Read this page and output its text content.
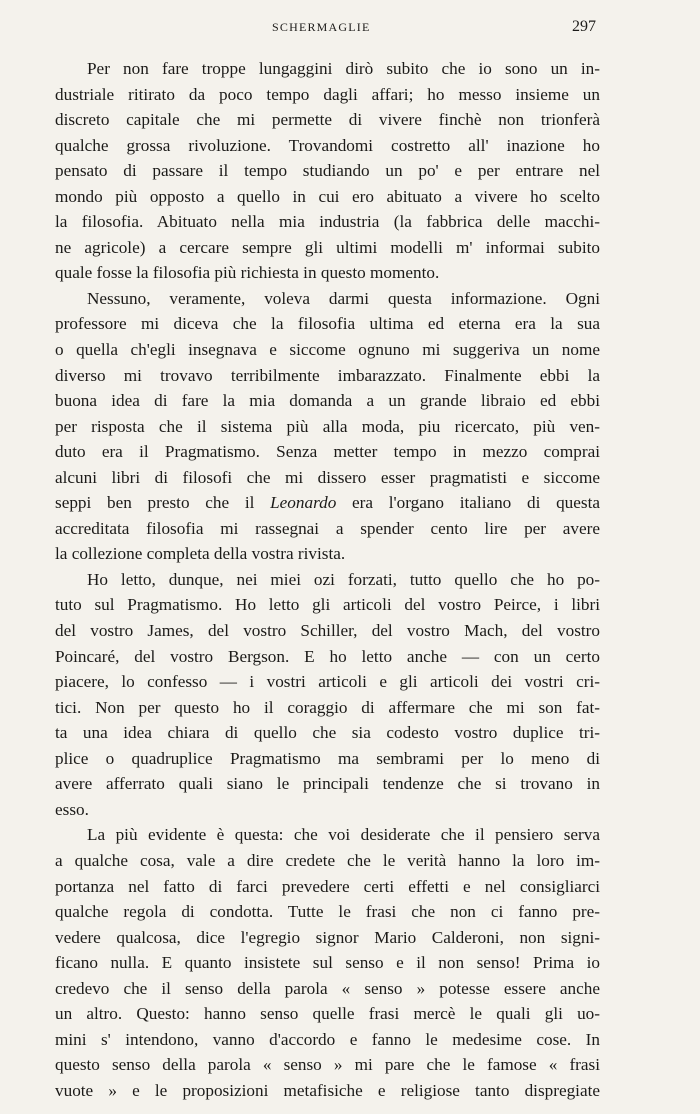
SCHERMAGLIE	297
Per non fare troppe lungaggini dirò subito che io sono un in-
dustriale ritirato da poco tempo dagli affari; ho messo insieme un
discreto capitale che mi permette di vivere finchè non trionferà
qualche grossa rivoluzione. Trovandomi costretto all' inazione ho
pensato di passare il tempo studiando un po' e per entrare nel
mondo più opposto a quello in cui ero abituato a vivere ho scelto
la filosofia. Abituato nella mia industria (la fabbrica delle macchi-
ne agricole) a cercare sempre gli ultimi modelli m' informai subito
quale fosse la filosofia più richiesta in questo momento.
Nessuno, veramente, voleva darmi questa informazione. Ogni
professore mi diceva che la filosofia ultima ed eterna era la sua
o quella ch'egli insegnava e siccome ognuno mi suggeriva un nome
diverso mi trovavo terribilmente imbarazzato. Finalmente ebbi la
buona idea di fare la mia domanda a un grande libraio ed ebbi
per risposta che il sistema più alla moda, piu ricercato, più ven-
duto era il Pragmatismo. Senza metter tempo in mezzo comprai
alcuni libri di filosofi che mi dissero esser pragmatisti e siccome
seppi ben presto che il Leonardo era l'organo italiano di questa
accreditata filosofia mi rassegnai a spender cento lire per avere
la collezione completa della vostra rivista.
Ho letto, dunque, nei miei ozi forzati, tutto quello che ho po-
tuto sul Pragmatismo. Ho letto gli articoli del vostro Peirce, i libri
del vostro James, del vostro Schiller, del vostro Mach, del vostro
Poincaré, del vostro Bergson. E ho letto anche — con un certo
piacere, lo confesso — i vostri articoli e gli articoli dei vostri cri-
tici. Non per questo ho il coraggio di affermare che mi son fat-
ta una idea chiara di quello che sia codesto vostro duplice tri-
plice o quadruplice Pragmatismo ma sembrami per lo meno di
avere afferrato quali siano le principali tendenze che si trovano in
esso.
La più evidente è questa: che voi desiderate che il pensiero serva
a qualche cosa, vale a dire credete che le verità hanno la loro im-
portanza nel fatto di farci prevedere certi effetti e nel consigliarci
qualche regola di condotta. Tutte le frasi che non ci fanno pre-
vedere qualcosa, dice l'egregio signor Mario Calderoni, non signi-
ficano nulla. E quanto insistete sul senso e il non senso! Prima io
credevo che il senso della parola « senso » potesse essere anche
un altro. Questo: hanno senso quelle frasi mercè le quali gli uo-
mini s' intendono, vanno d'accordo e fanno le medesime cose. In
questo senso della parola « senso » mi pare che le famose « frasi
vuote » e le proposizioni metafisiche e religiose tanto dispregiate
